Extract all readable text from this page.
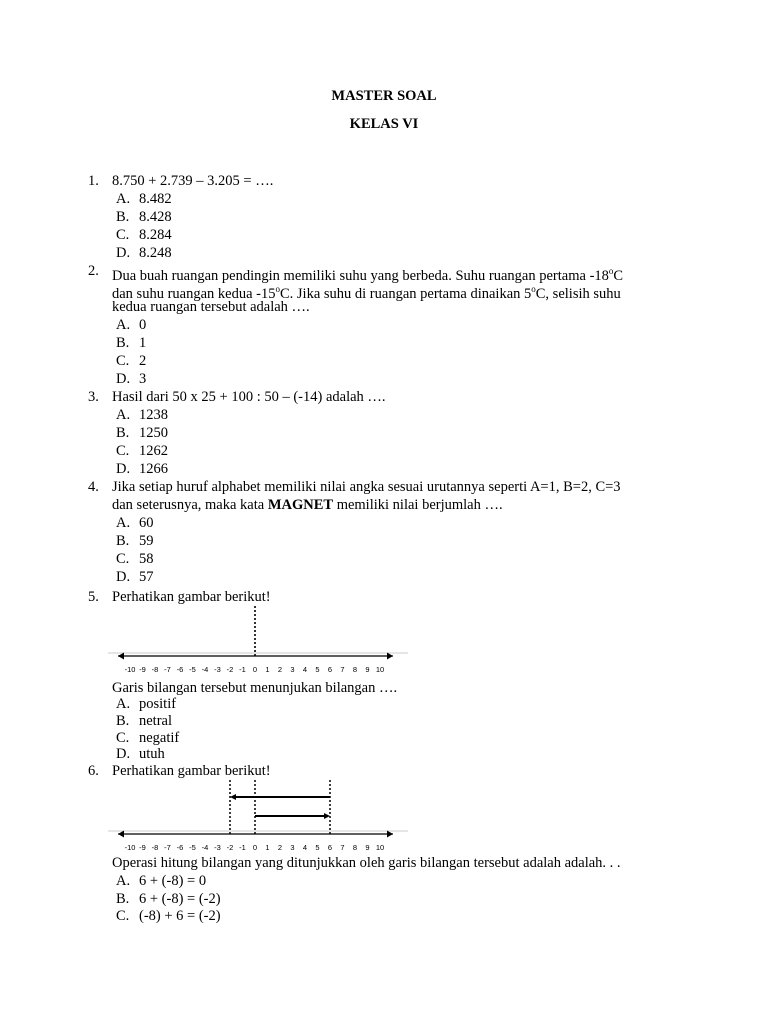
MASTER SOAL
KELAS VI
1. 8.750 + 2.739 – 3.205 = ….
A. 8.482
B. 8.428
C. 8.284
D. 8.248
2. Dua buah ruangan pendingin memiliki suhu yang berbeda. Suhu ruangan pertama -18$^o$C
dan suhu ruangan kedua -15$^o$C. Jika suhu di ruangan pertama dinaikan 5$^o$C, selisih suhu
kedua ruangan tersebut adalah ….
A. 0
B. 1
C. 2
D. 3
3. Hasil dari 50 x 25 + 100 : 50 – (-14) adalah ….
A. 1238
B. 1250
C. 1262
D. 1266
4. Jika setiap huruf alphabet memiliki nilai angka sesuai urutannya seperti A=1, B=2, C=3
dan seterusnya, maka kata MAGNET memiliki nilai berjumlah ….
A. 60
B. 59
C. 58
D. 57
5. Perhatikan gambar berikut!
-10 -9 -8 -7 -6 -5 -4 -3 -2 -1 0 1 2 3 4 5 6 7 8 9 10
Garis bilangan tersebut menunjukan bilangan ….
A. positif
B. netral
C. negatif
D. utuh
6. Perhatikan gambar berikut!
-10 -9 -8 -7 -6 -5 -4 -3 -2 -1 0 1 2 3 4 5 6 7 8 9 10
Operasi hitung bilangan yang ditunjukkan oleh garis bilangan tersebut adalah adalah. . .
A. 6 + (-8) = 0
B. 6 + (-8) = (-2)
C. (-8) + 6 = (-2)
